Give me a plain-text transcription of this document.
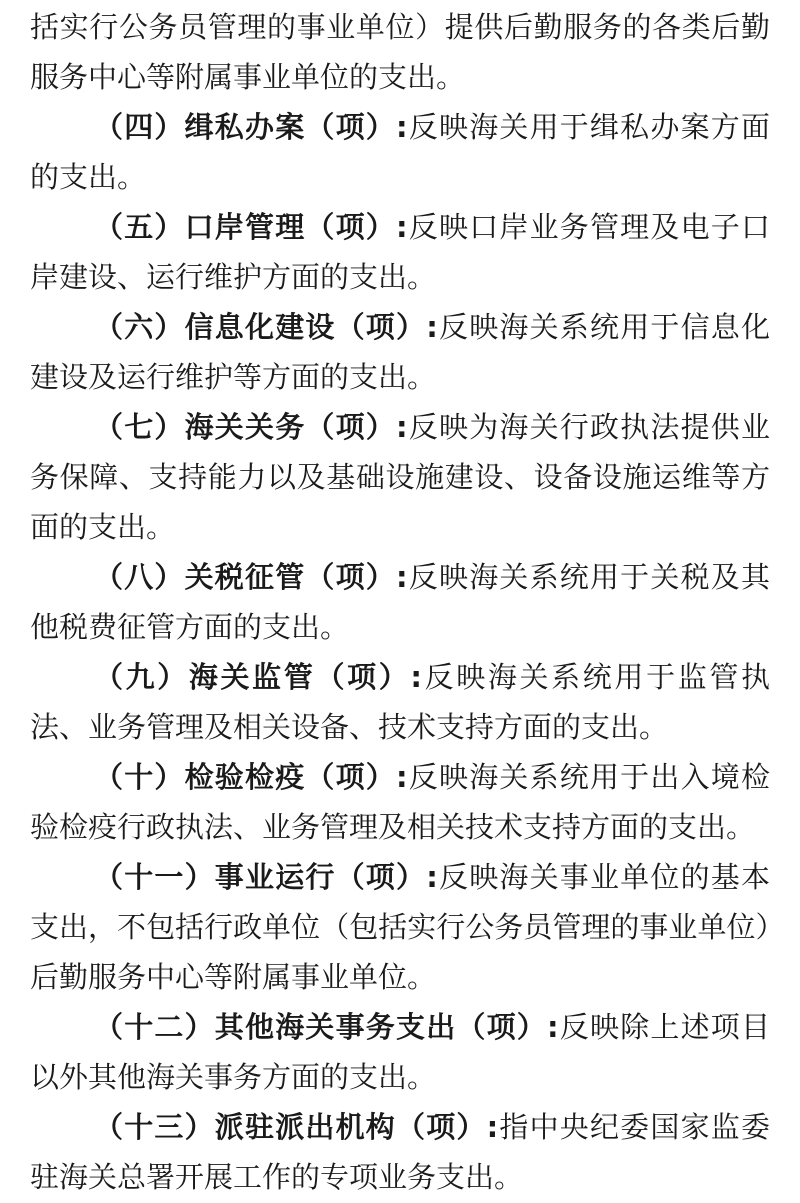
括实行公务员管理的事业单位）提供后勤服务的各类后勤服务中心等附属事业单位的支出。

（四）缉私办案（项）:反映海关用于缉私办案方面的支出。

（五）口岸管理（项）:反映口岸业务管理及电子口岸建设、运行维护方面的支出。

（六）信息化建设（项）:反映海关系统用于信息化建设及运行维护等方面的支出。

（七）海关关务（项）:反映为海关行政执法提供业务保障、支持能力以及基础设施建设、设备设施运维等方面的支出。

（八）关税征管（项）:反映海关系统用于关税及其他税费征管方面的支出。

（九）海关监管（项）:反映海关系统用于监管执法、业务管理及相关设备、技术支持方面的支出。

（十）检验检疫（项）:反映海关系统用于出入境检验检疫行政执法、业务管理及相关技术支持方面的支出。

（十一）事业运行（项）:反映海关事业单位的基本支出，不包括行政单位（包括实行公务员管理的事业单位）后勤服务中心等附属事业单位。

（十二）其他海关事务支出（项）:反映除上述项目以外其他海关事务方面的支出。

（十三）派驻派出机构（项）:指中央纪委国家监委驻海关总署开展工作的专项业务支出。
